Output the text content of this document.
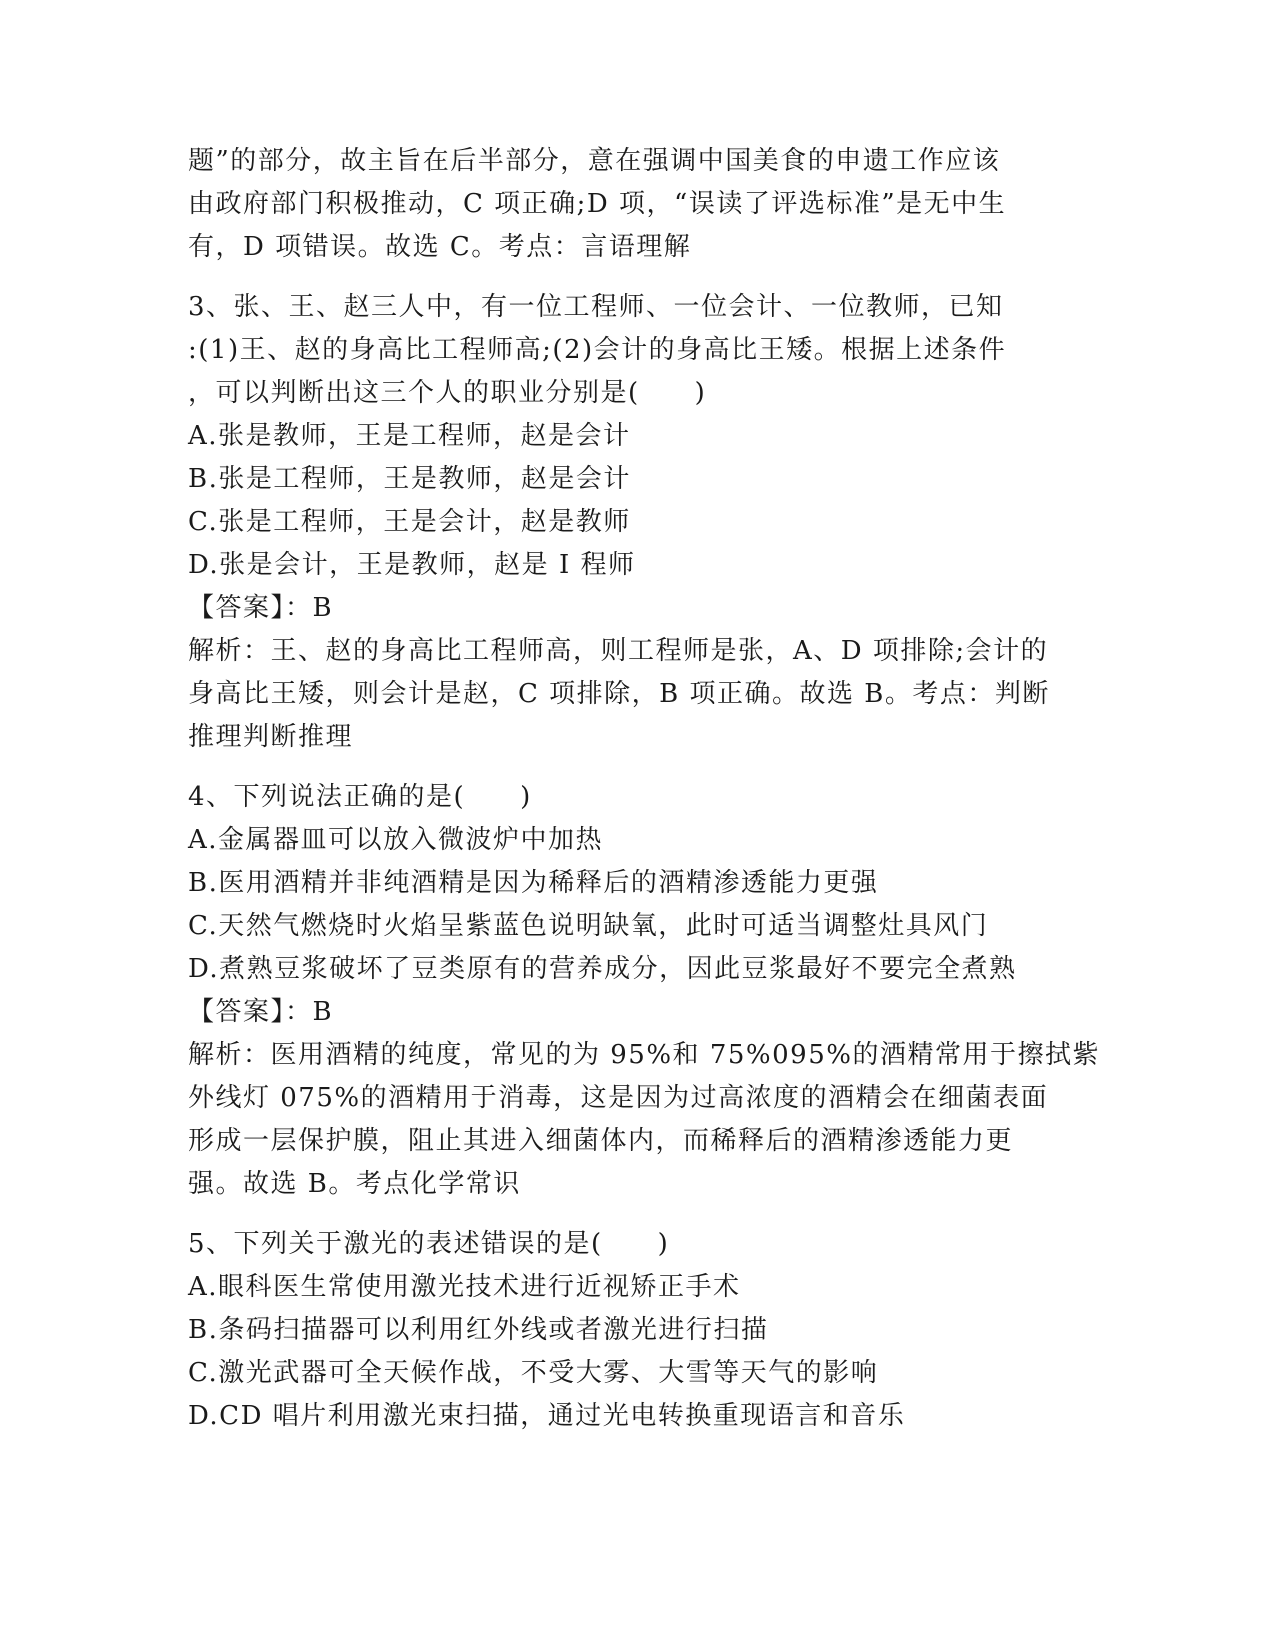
题”的部分，故主旨在后半部分，意在强调中国美食的申遗工作应该
由政府部门积极推动，C 项正确;D 项，“误读了评选标准”是无中生
有，D 项错误。故选 C。考点：言语理解
3、张、王、赵三人中，有一位工程师、一位会计、一位教师，已知
:(1)王、赵的身高比工程师高;(2)会计的身高比王矮。根据上述条件
，可以判断出这三个人的职业分别是(　　)
A.张是教师，王是工程师，赵是会计
B.张是工程师，王是教师，赵是会计
C.张是工程师，王是会计，赵是教师
D.张是会计，王是教师，赵是 I 程师
【答案】：B
解析：王、赵的身高比工程师高，则工程师是张，A、D 项排除;会计的
身高比王矮，则会计是赵，C 项排除，B 项正确。故选 B。考点：判断
推理判断推理
4、下列说法正确的是(　　)
A.金属器皿可以放入微波炉中加热
B.医用酒精并非纯酒精是因为稀释后的酒精渗透能力更强
C.天然气燃烧时火焰呈紫蓝色说明缺氧，此时可适当调整灶具风门
D.煮熟豆浆破坏了豆类原有的营养成分，因此豆浆最好不要完全煮熟
【答案】：B
解析：医用酒精的纯度，常见的为 95%和 75%095%的酒精常用于擦拭紫
外线灯 075%的酒精用于消毒，这是因为过高浓度的酒精会在细菌表面
形成一层保护膜，阻止其进入细菌体内，而稀释后的酒精渗透能力更
强。故选 B。考点化学常识
5、下列关于激光的表述错误的是(　　)
A.眼科医生常使用激光技术进行近视矫正手术
B.条码扫描器可以利用红外线或者激光进行扫描
C.激光武器可全天候作战，不受大雾、大雪等天气的影响
D.CD 唱片利用激光束扫描，通过光电转换重现语言和音乐
